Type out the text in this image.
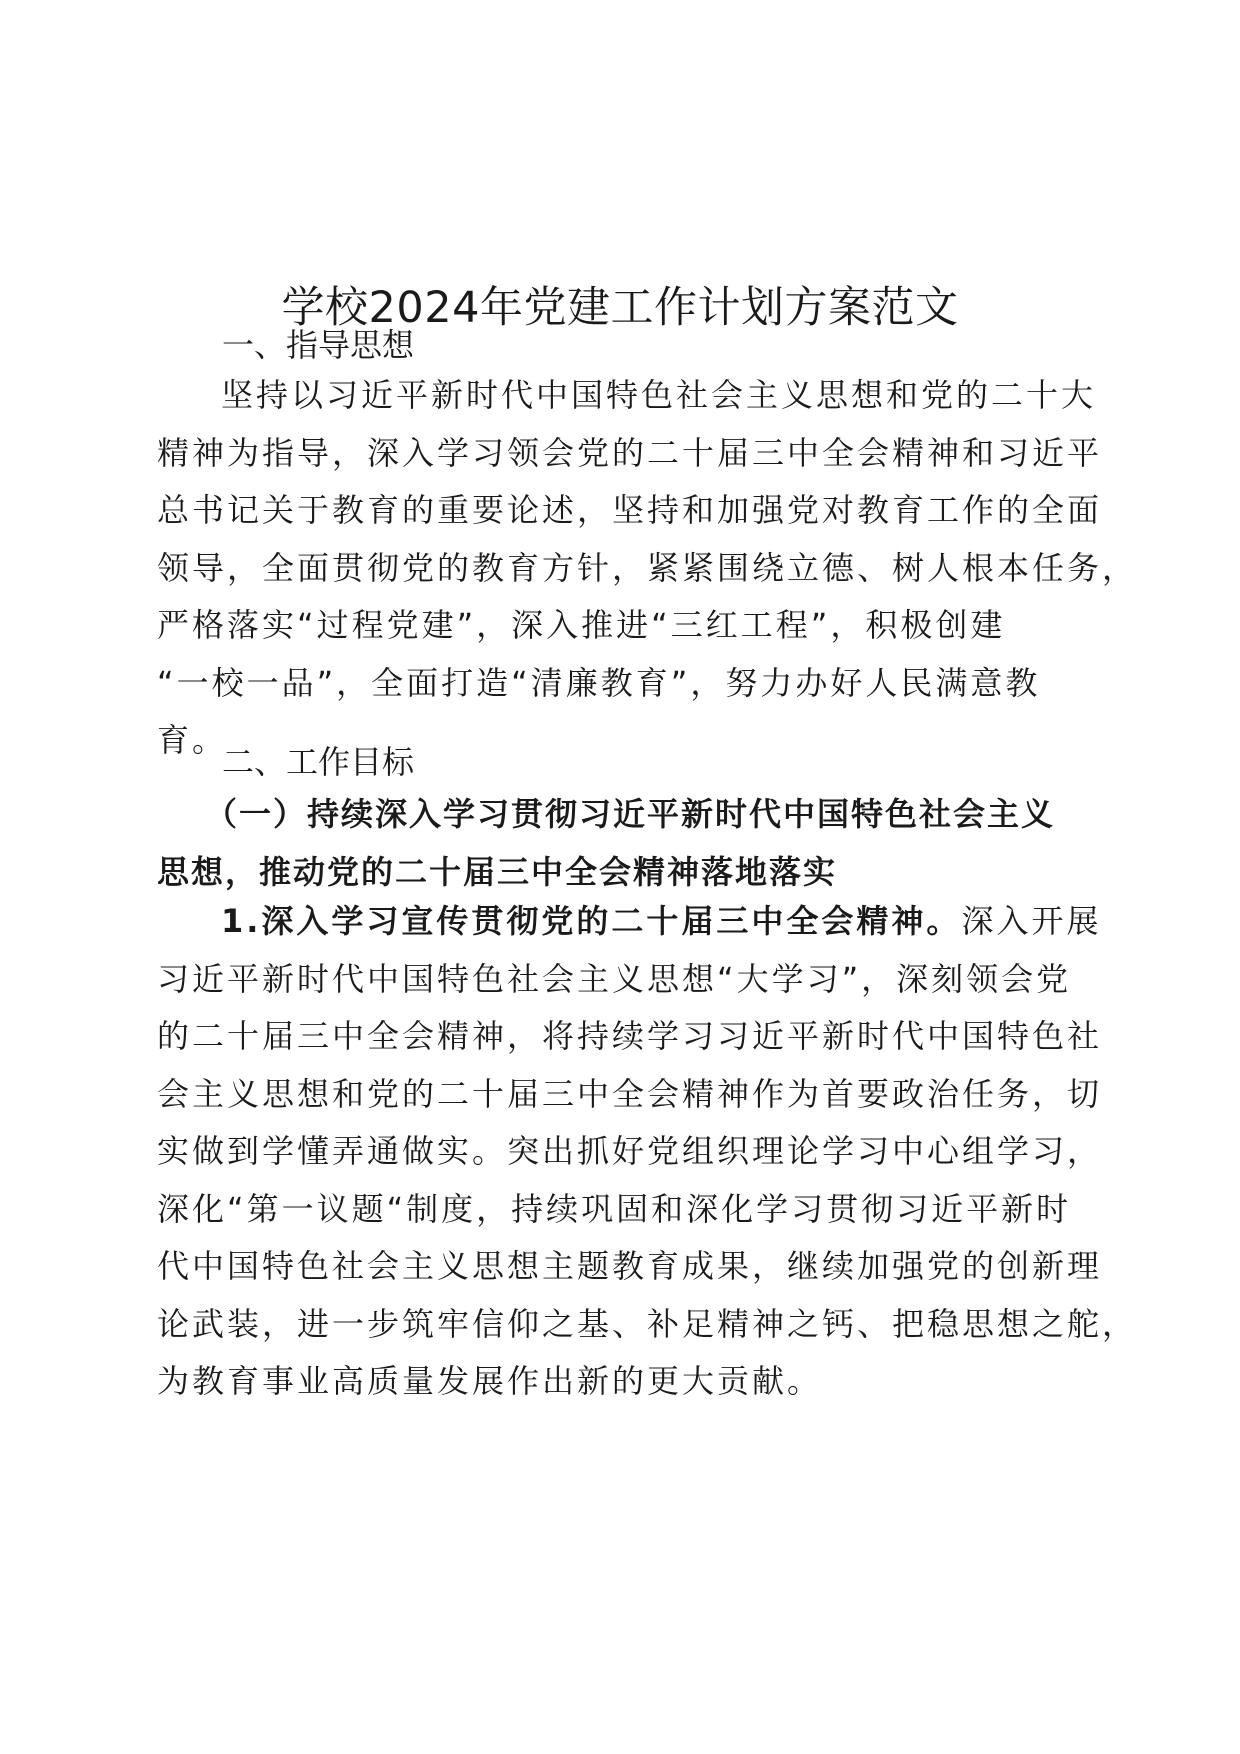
学校2024年党建工作计划方案范文
一、指导思想
坚持以习近平新时代中国特色社会主义思想和党的二十大
精神为指导，深入学习领会党的二十届三中全会精神和习近平
总书记关于教育的重要论述，坚持和加强党对教育工作的全面
领导，全面贯彻党的教育方针，紧紧围绕立德、树人根本任务，
严格落实“过程党建”，深入推进“三红工程”，积极创建
“一校一品”，全面打造“清廉教育”，努力办好人民满意教
育。
二、工作目标
（一）持续深入学习贯彻习近平新时代中国特色社会主义
思想，推动党的二十届三中全会精神落地落实
1.深入学习宣传贯彻党的二十届三中全会精神。深入开展
习近平新时代中国特色社会主义思想“大学习”，深刻领会党
的二十届三中全会精神，将持续学习习近平新时代中国特色社
会主义思想和党的二十届三中全会精神作为首要政治任务，切
实做到学懂弄通做实。突出抓好党组织理论学习中心组学习，
深化“第一议题“制度，持续巩固和深化学习贯彻习近平新时
代中国特色社会主义思想主题教育成果，继续加强党的创新理
论武装，进一步筑牢信仰之基、补足精神之钙、把稳思想之舵，
为教育事业高质量发展作出新的更大贡献。
